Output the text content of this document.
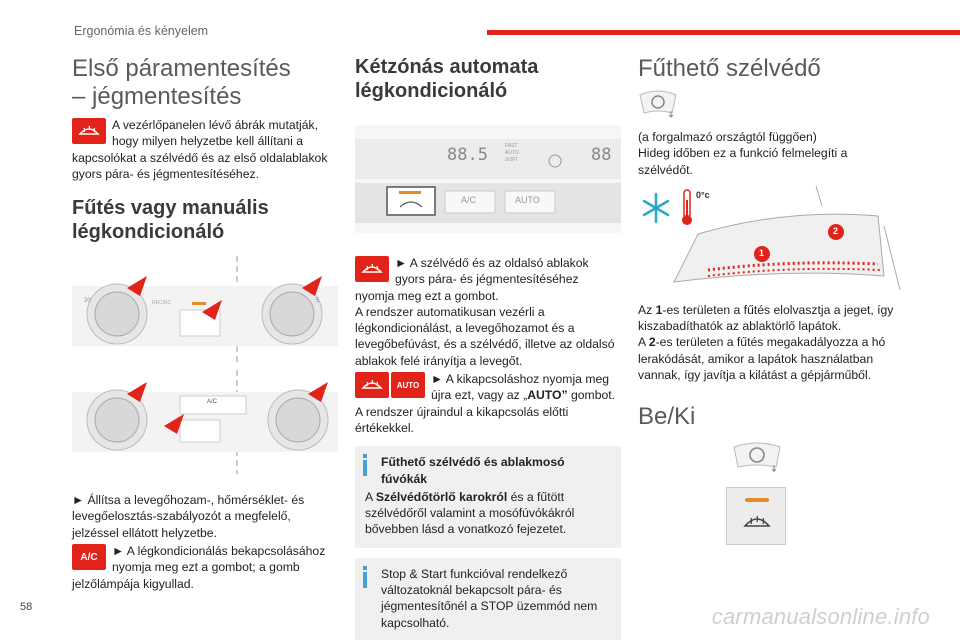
Ergonómia és kényelem
Első páramentesítés
– jégmentesítés

A vezérlőpanelen lévő ábrák mutatják, hogy milyen helyzetbe kell állítani a kapcsolókat a szélvédő és az első oldalablakok gyors pára- és jégmentesítéséhez.

Fűtés vagy manuális
légkondicionáló
20	5
RECIRC
A/C

► Állítsa a levegőhozam-, hőmérséklet- és levegőelosztás-szabályozót a megfelelő, jelzéssel ellátott helyzetbe.

A/C	► A légkondicionálás bekapcsolásához nyomja meg ezt a gombot; a gomb jelzőlámpája kigyullad.

Kétzónás automata
légkondicionáló
88.5	FAST
AUTO
SOFT	88
A/C	AUTO

► A szélvédő és az oldalsó ablakok gyors pára- és jégmentesítéséhez nyomja meg ezt a gombot.

A rendszer automatikusan vezérli a légkondicionálást, a levegőhozamot és a levegőbefúvást, és a szélvédő, illetve az oldalsó ablakok felé irányítja a levegőt.

AUTO ► A kikapcsoláshoz nyomja meg újra ezt, vagy az „AUTO” gombot.

A rendszer újraindul a kikapcsolás előtti értékekkel.

Fűthető szélvédő és ablakmosó fúvókák
A Szélvédőtörlő karokról és a fűtött szélvédőről valamint a mosófúvókákról bővebben lásd a vonatkozó fejezetet.
Stop & Start funkcióval rendelkező változatoknál bekapcsolt pára- és jégmentesítőnél a STOP üzemmód nem kapcsolható.
Fűthető szélvédő

(a forgalmazó országtól függően)

Hideg időben ez a funkció felmelegíti a szélvédőt.

0°c
1
2

Az 1-es területen a fűtés elolvasztja a jeget, így kiszabadíthatók az ablaktörlő lapátok.

A 2-es területen a fűtés megakadályozza a hó lerakódását, amikor a lapátok használatban vannak, így javítja a kilátást a gépjárműből.

Be/Ki
58	carmanualsonline.info
